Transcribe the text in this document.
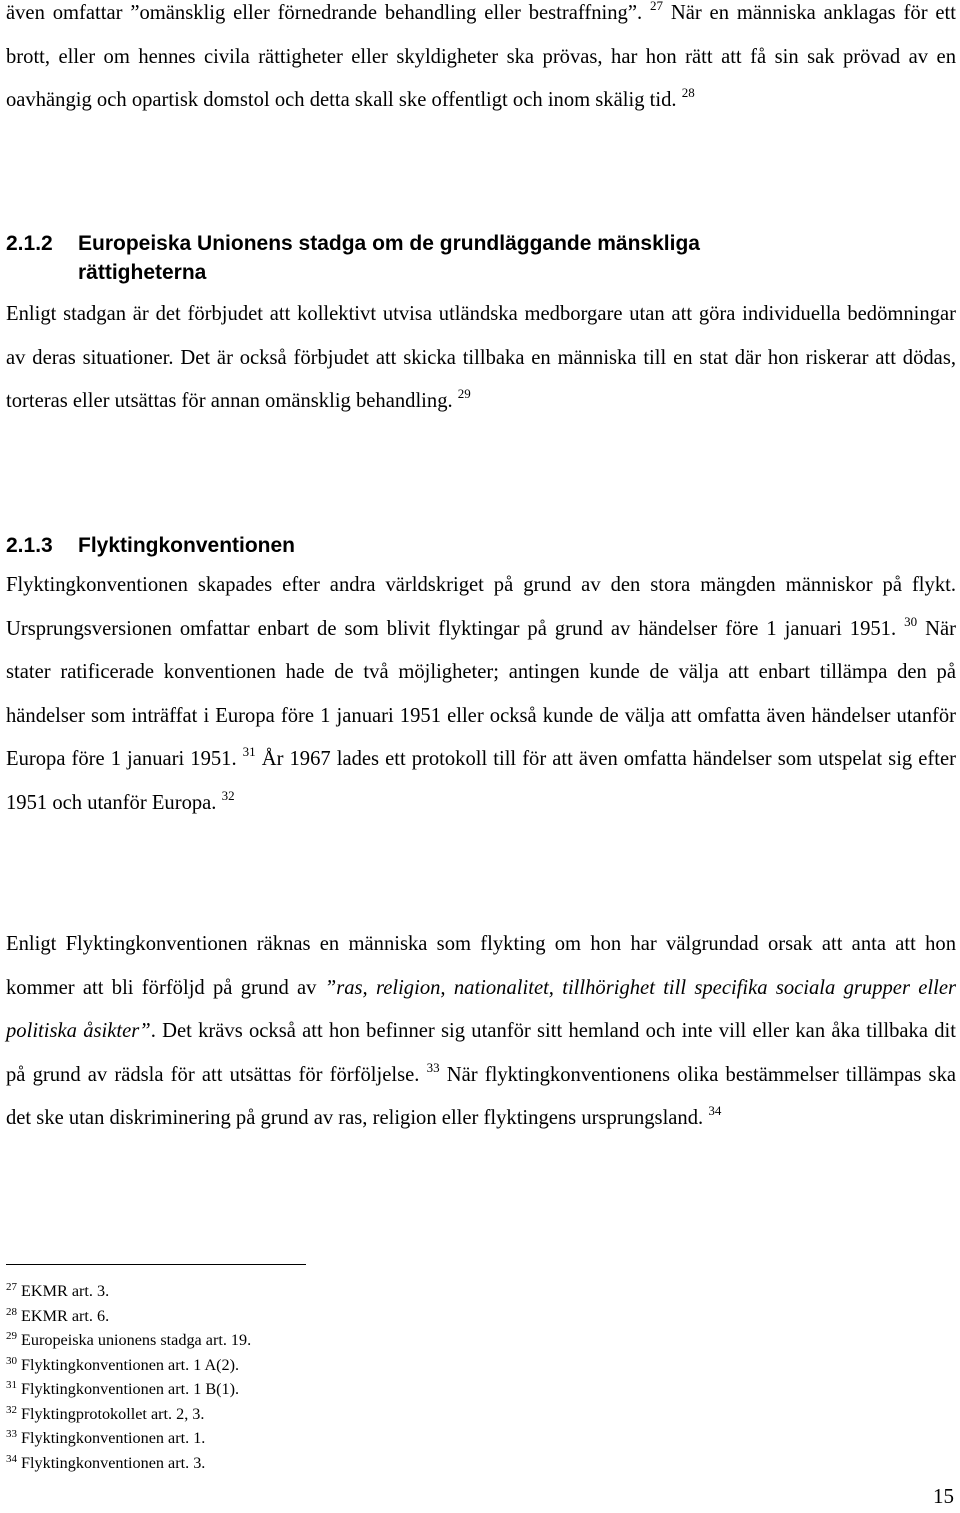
även omfattar ”omänsklig eller förnedrande behandling eller bestraffning”. $^{27}$ När en människa anklagas för ett brott, eller om hennes civila rättigheter eller skyldigheter ska prövas, har hon rätt att få sin sak prövad av en oavhängig och opartisk domstol och detta skall ske offentligt och inom skälig tid. $^{28}$

2.1.2 Europeiska Unionens stadga om de grundläggande mänskliga
rättigheterna

Enligt stadgan är det förbjudet att kollektivt utvisa utländska medborgare utan att göra individuella bedömningar av deras situationer. Det är också förbjudet att skicka tillbaka en människa till en stat där hon riskerar att dödas, torteras eller utsättas för annan omänsklig behandling. $^{29}$

2.1.3 Flyktingkonventionen

Flyktingkonventionen skapades efter andra världskriget på grund av den stora mängden människor på flykt. Ursprungsversionen omfattar enbart de som blivit flyktingar på grund av händelser före 1 januari 1951. $^{30}$ När stater ratificerade konventionen hade de två möjligheter; antingen kunde de välja att enbart tillämpa den på händelser som inträffat i Europa före 1 januari 1951 eller också kunde de välja att omfatta även händelser utanför Europa före 1 januari 1951. $^{31}$ År 1967 lades ett protokoll till för att även omfatta händelser som utspelat sig efter 1951 och utanför Europa. $^{32}$

Enligt Flyktingkonventionen räknas en människa som flykting om hon har välgrundad orsak att anta att hon kommer att bli förföljd på grund av ”ras, religion, nationalitet, tillhörighet till specifika sociala grupper eller politiska åsikter”. Det krävs också att hon befinner sig utanför sitt hemland och inte vill eller kan åka tillbaka dit på grund av rädsla för att utsättas för förföljelse. $^{33}$ När flyktingkonventionens olika bestämmelser tillämpas ska det ske utan diskriminering på grund av ras, religion eller flyktingens ursprungsland. $^{34}$

$^{27}$ EKMR art. 3.
$^{28}$ EKMR art. 6.
$^{29}$ Europeiska unionens stadga art. 19.
$^{30}$ Flyktingkonventionen art. 1 A(2).
$^{31}$ Flyktingkonventionen art. 1 B(1).
$^{32}$ Flyktingprotokollet art. 2, 3.
$^{33}$ Flyktingkonventionen art. 1.
$^{34}$ Flyktingkonventionen art. 3.
15
